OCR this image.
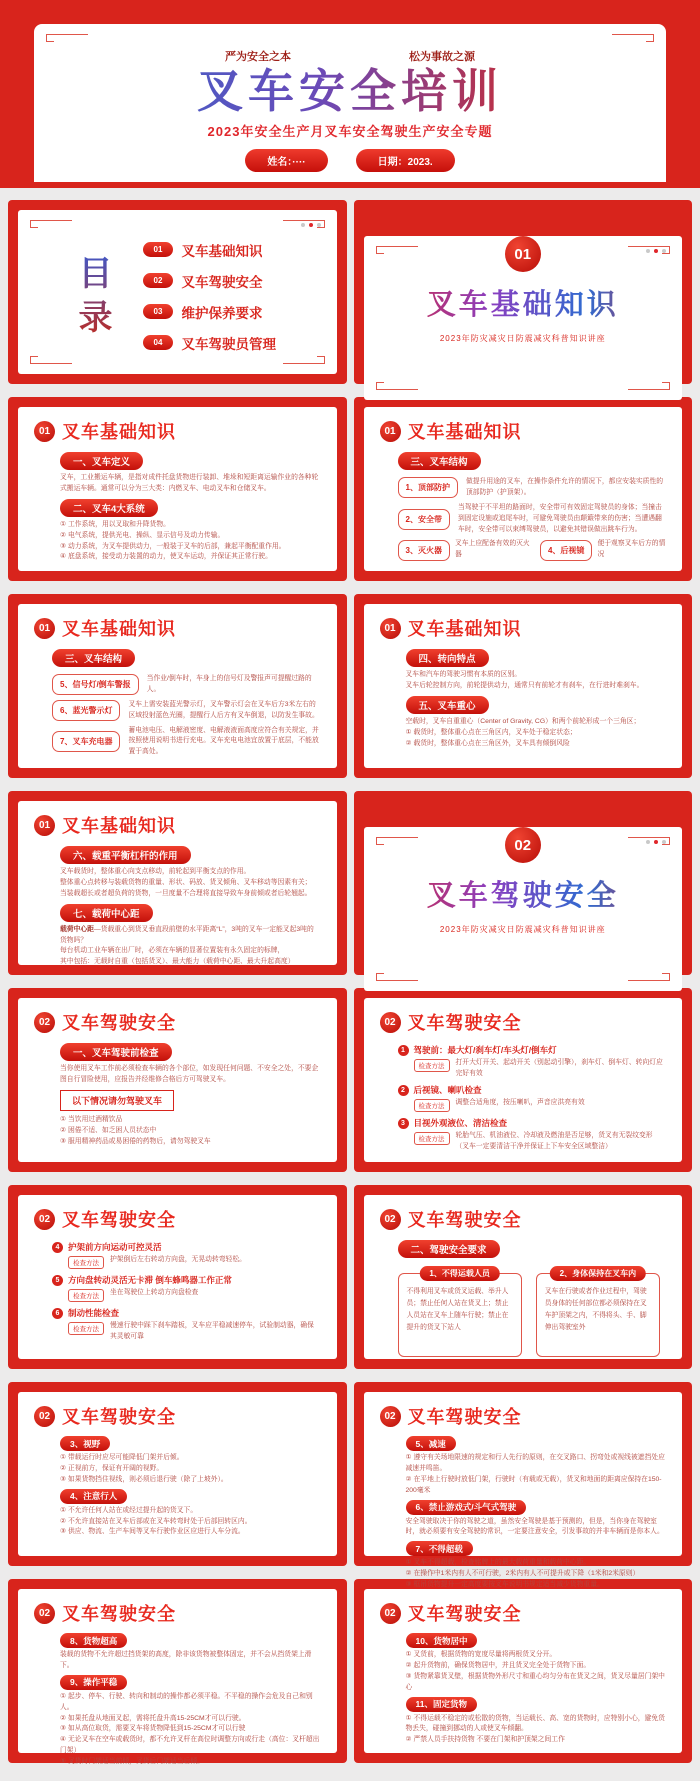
严为安全之本	松为事故之源
叉车安全培训
2023年安全生产月叉车安全驾驶生产安全专题
姓名：····	日期：2023.
目
录
01	叉车基础知识
02	叉车驾驶安全
03	维护保养要求
04	叉车驾驶员管理
01
叉车基础知识
2023年防灾减灾日防震减灾科普知识讲座
01 叉车基础知识
一、叉车定义
叉车，工业搬运车辆，是指对成件托盘货物进行装卸、堆垛和短距离运输作业的各种轮式搬运车辆。通常可以分为三大类：内燃叉车、电动叉车和仓储叉车。
二、叉车4大系统
① 工作系统，用以叉取和升降货物。
② 电气系统，提供光电、操纵、显示信号及动力传输。
③ 动力系统，为叉车提供动力，一般装于叉车的后部，兼起平衡配重作用。
④ 底盘系统，接受动力装置的动力，使叉车运动，并保证其正常行驶。
01 叉车基础知识
三、叉车结构
1、顶部防护
做提升用途的叉车，在操作条件允许的情况下，都应安装实质性的顶部防护（护顶架）。
2、安全带
当驾驶于不平坦的路面时，安全带可有效固定驾驶员的身体；当撞击到固定设施或追尾车时，可避免驾驶员由颠簸带来的伤害；当遭遇翻车时，安全带可以束缚驾驶员，以避免其错误做出跳车行为。
3、灭火器
叉车上应配备有效的灭火器	4、后视镜
便于观察叉车后方的情况
01 叉车基础知识
三、叉车结构
5、信号灯/倒车警报
当作业/倒车时，车身上的信号灯及警报声可提醒过路的人。
6、蓝光警示灯
叉车上需安装蓝光警示灯，叉车警示灯会在叉车后方3米左右的区域投射蓝色光圈，提醒行人后方有叉车倒退，以防发生事故。
7、叉车充电器
蓄电池电压、电解液密度、电解液液面高度应符合有关规定，并按照使用说明书进行充电。叉车充电电池宜放置于底层，不能放置于高处。
01 叉车基础知识
四、转向特点
叉车和汽车的驾驶习惯有本质的区别。
叉车后轮控制方向，前轮提供动力，通常只有前轮才有刹车，在行进时难刹车。
五、叉车重心
空载时，叉车自重重心（Center of Gravity, CG）和两个前轮形成一个三角区；
① 载货时，整体重心点在三角区内，叉车处于稳定状态；
② 载货时，整体重心点在三角区外，叉车具有倾倒风险
01 叉车基础知识
六、载重平衡杠杆的作用
叉车载货时，整体重心向支点移动，前轮起到平衡支点的作用。
整体重心点转移与装载货物的重量、形状、码放、货叉倾角、叉车移动等因素有关；
当装载超长或者超负荷的货物，一旦度量不合理将直接导致车身前倾或者后轮翘起。
七、载荷中心距
载荷中心距—货载重心到货叉垂直段前壁的水平距离“L”，3吨的叉车一定能叉起3吨的货物吗？
每台机动工业车辆在出厂时，必须在车辆的显著位置装有永久固定的标牌，
其中包括：无载时自重（包括货叉）、最大能力（载荷中心距、最大升起高度）
02
叉车驾驶安全
2023年防灾减灾日防震减灾科普知识讲座
02 叉车驾驶安全
一、叉车驾驶前检查
当你使用叉车工作前必须检查车辆的各个部位，如发现任何问题、不安全之处，不要企图自行冒险使用，应报告并经维修合格后方可驾驶叉车。
以下情况请勿驾驶叉车
① 当饮用过酒精饮品
② 困倦不适、如乏困人员状态中
③ 服用精神药品或易困倦的药物后，请勿驾驶叉车
02 叉车驾驶安全
1	驾驶前：最大灯/刹车灯/车头灯/倒车灯
检查方法
打开大灯开关、起动开关（别起动引擎），刹车灯、倒车灯、转向灯应完好有效
2	后视镜、喇叭检查
检查方法
调整合适角度，按压喇叭，声音应洪亮有效
3	目视外观液位、清洁检查
检查方法
轮胎气压、机油液位、冷却液及燃油是否足够，货叉有无裂纹变形（叉车一定要清洁干净并保证上下车安全区域整洁）
02 叉车驾驶安全
4	护架前方向运动可控灵活
检查方法
护架倒后左右转动方向盘，无晃动转弯轻松。
5	方向盘转动灵活无卡滞 倒车蜂鸣器工作正常
检查方法
坐在驾驶位上转动方向盘检查
6	制动性能检查
检查方法
慢速行驶中踩下刹车踏板，叉车应平稳减速停车，试验制动器，确保其灵敏可靠
02 叉车驾驶安全
二、驾驶安全要求
1、不得运载人员
不得利用叉车或货叉运载、举升人员；禁止任何人站在货叉上；禁止人员站在叉车上随车行驶；禁止在提升的货叉下站人
2、身体保持在叉车内
叉车在行驶或者作业过程中，驾驶员身体的任何部位都必须保持在叉车护顶架之内，不得将头、手、脚伸出驾驶室外
02 叉车驾驶安全
3、视野
① 带载运行时应尽可能降低门架并后倾。
② 正视前方，保证有开阔的视野。
③ 如果货物挡住视线，则必须后退行驶（除了上坡外）。
4、注意行人
① 不允许任何人站在或经过提升起的货叉下。
② 不允许直接站在叉车后部或在叉车转弯时处于后部回转区内。
③ 供应、物流、生产车间等叉车行驶作业区应进行人车分流。
02 叉车驾驶安全
5、减速
① 遵守有关场地限速的规定和行人先行的原则，在交叉路口、拐弯处或视线被遮挡处应减速并鸣笛。
② 在平地上行驶时放低门架，行驶时（有载或无载），货叉和地面的距离应保持在150-200毫米
6、禁止游戏式/斗气式驾驶
安全驾驶取决于你的驾驶之道，虽然安全驾驶是基于预测的，但是，当你身在驾驶室时，就必须要有安全驾驶的常识，一定要注意安全，引发事故的并非车辆而是你本人。
7、不得超载
① 叉车不得超载，检查铭牌上的最大载荷重量和载荷中心距。
② 在操作中1米内有人不可行驶，2米内有人不可提升或下降（1米和2米原则）
③ 框吊货物提升一定高度要按叉车说明书规定适当减少货物重量。
02 叉车驾驶安全
8、货物超高
装载的货物不允许超过挡货架的高度，除非该货物被整体固定，并不会从挡货架上滑下。
9、操作平稳
① 起步、停车、行驶、转向和制动的操作都必须平稳。不平稳的操作会危及自己和别人。
② 如果托盘从地面叉起，需将托盘升高15-25CM才可以行驶。
③ 如从高位取货，需要叉车将货物降低到15-25CM才可以行驶
④ 无论叉车在空车或载货时，都不允许叉杆在高位时调整方向或行走（高位：叉杆超出门架）
⑤ 叉货时门架适当前倾，叉货后门架适当后倾。
02 叉车驾驶安全
10、货物居中
① 叉货前，根据货物的宽度尽量将两根货叉分开。
② 起升货物前，确保货物居中，并且货叉完全处于货物下面。
③ 货物紧靠货叉壁，根据货物外形尺寸和重心均匀分布在货叉之间，货叉尽量居门架中心
11、固定货物
① 不得运载不稳定的或松散的货物，当运载长、高、宽的货物时，应特别小心，避免货物丢失，碰撞到挪动的人或使叉车倾翻。
② 严禁人员手扶持货物 不要在门架和护顶架之间工作
